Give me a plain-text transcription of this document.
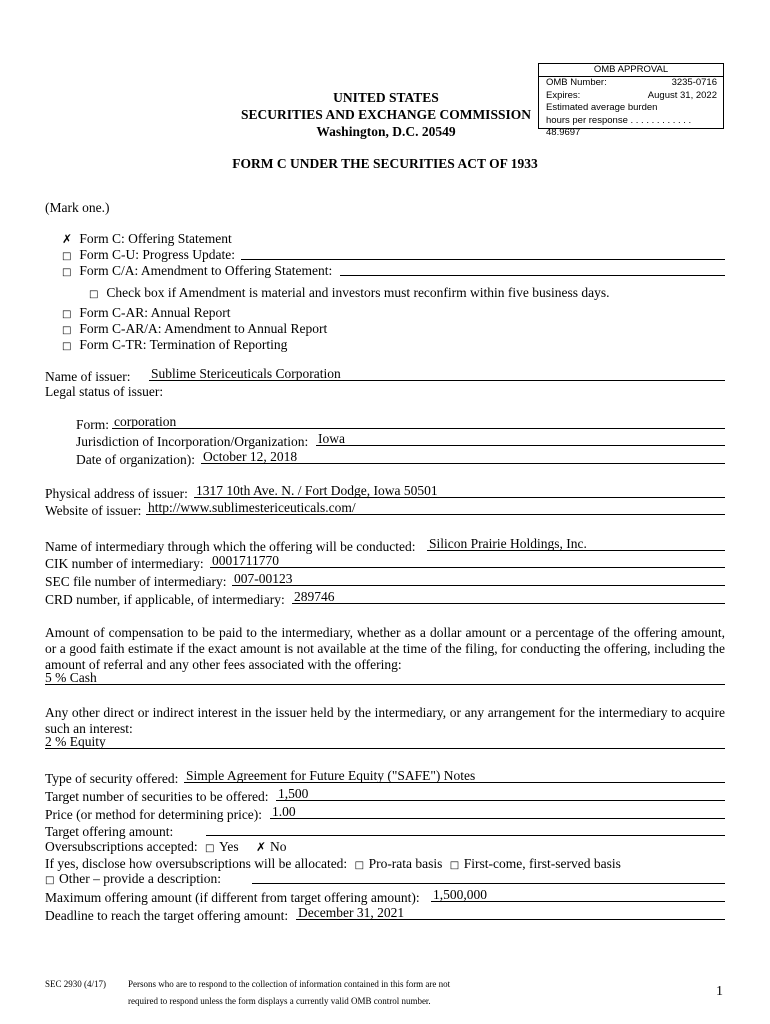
OMB APPROVAL
OMB Number:	3235-0716
Expires:	August 31, 2022
Estimated average burden
hours per response . . . . . . . . . . . . 48.9697
UNITED STATES
SECURITIES AND EXCHANGE COMMISSION
Washington, D.C. 20549
FORM C UNDER THE SECURITIES ACT OF 1933
(Mark one.)
✗ Form C: Offering Statement
□ Form C-U: Progress Update:
□ Form C/A: Amendment to Offering Statement:
□ Check box if Amendment is material and investors must reconfirm within five business days.
□ Form C-AR: Annual Report
□ Form C-AR/A: Amendment to Annual Report
□ Form C-TR: Termination of Reporting
Name of issuer: Sublime Stericeuticals Corporation
Legal status of issuer:
Form: corporation
Jurisdiction of Incorporation/Organization: Iowa
Date of organization): October 12, 2018
Physical address of issuer: 1317 10th Ave. N. / Fort Dodge, Iowa 50501
Website of issuer: http://www.sublimestericeuticals.com/
Name of intermediary through which the offering will be conducted: Silicon Prairie Holdings, Inc.
CIK number of intermediary: 0001711770
SEC file number of intermediary: 007-00123
CRD number, if applicable, of intermediary: 289746
Amount of compensation to be paid to the intermediary, whether as a dollar amount or a percentage of the offering amount, or a good faith estimate if the exact amount is not available at the time of the filing, for conducting the offering, including the amount of referral and any other fees associated with the offering:
5 % Cash
Any other direct or indirect interest in the issuer held by the intermediary, or any arrangement for the intermediary to acquire such an interest:
2 % Equity
Type of security offered: Simple Agreement for Future Equity ("SAFE") Notes
Target number of securities to be offered: 1,500
Price (or method for determining price): 1.00
Target offering amount:
Oversubscriptions accepted: □ Yes ✗ No
If yes, disclose how oversubscriptions will be allocated: □ Pro-rata basis □ First-come, first-served basis
□ Other – provide a description:
Maximum offering amount (if different from target offering amount): 1,500,000
Deadline to reach the target offering amount: December 31, 2021
SEC 2930 (4/17) Persons who are to respond to the collection of information contained in this form are not
required to respond unless the form displays a currently valid OMB control number.
1
